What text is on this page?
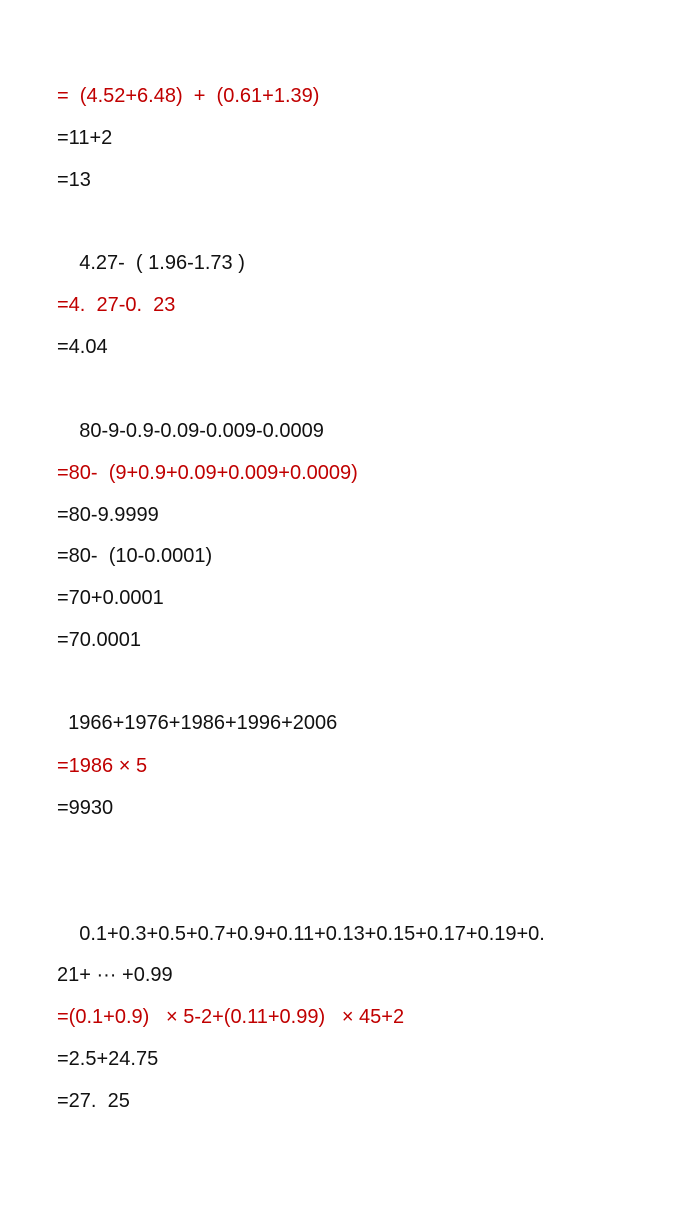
=  (4.52+6.48)  +  (0.61+1.39)
=11+2
=13
4.27-  ( 1.96-1.73 )
=4.  27-0.  23
=4.04
80-9-0.9-0.09-0.009-0.0009
=80-  (9+0.9+0.09+0.009+0.0009)
=80-9.9999
=80-  (10-0.0001)
=70+0.0001
=70.0001
1966+1976+1986+1996+2006
=1986 × 5
=9930
0.1+0.3+0.5+0.7+0.9+0.11+0.13+0.15+0.17+0.19+0.
21+ ··· +0.99
=(0.1+0.9)   × 5-2+(0.11+0.99)   × 45+2
=2.5+24.75
=27.  25
